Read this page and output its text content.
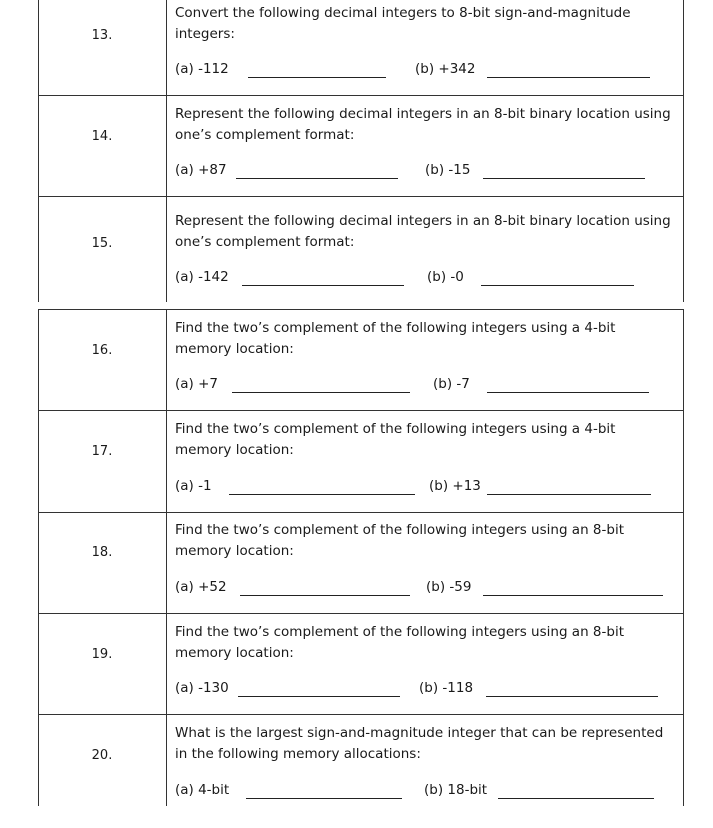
13.
Convert the following decimal integers to 8-bit sign-and-magnitude integers:
(a) -112	(b) +342
14.
Represent the following decimal integers in an 8-bit binary location using one’s complement format:
(a) +87	(b) -15
15.
Represent the following decimal integers in an 8-bit binary location using one’s complement format:
(a) -142	(b) -0
16.
Find the two’s complement of the following integers using a 4-bit memory location:
(a) +7	(b) -7
17.
Find the two’s complement of the following integers using a 4-bit memory location:
(a) -1	(b) +13
18.
Find the two’s complement of the following integers using an 8-bit memory location:
(a) +52	(b) -59
19.
Find the two’s complement of the following integers using an 8-bit memory location:
(a) -130	(b) -118
20.
What is the largest sign-and-magnitude integer that can be represented in the following memory allocations:
(a) 4-bit	(b) 18-bit
